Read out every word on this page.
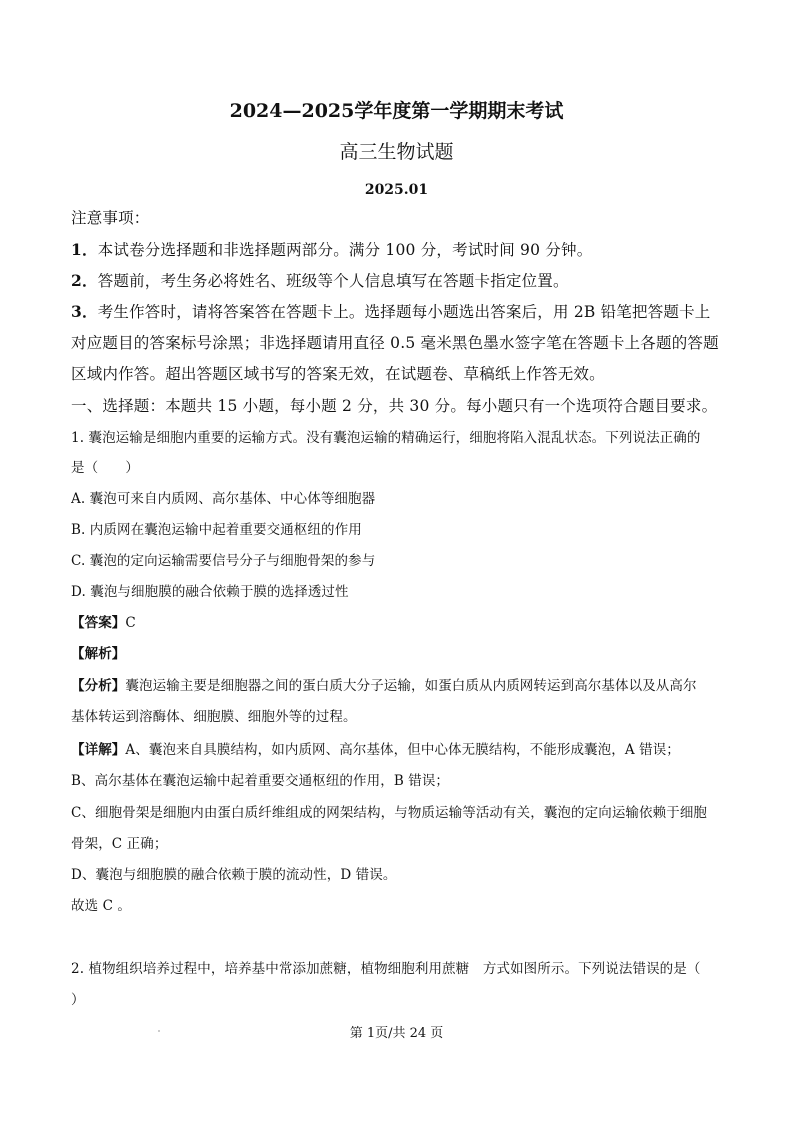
2024—2025学年度第一学期期末考试
高三生物试题
2025.01
注意事项：
1．本试卷分选择题和非选择题两部分。满分 100 分，考试时间 90 分钟。
2．答题前，考生务必将姓名、班级等个人信息填写在答题卡指定位置。
3．考生作答时，请将答案答在答题卡上。选择题每小题选出答案后，用 2B 铅笔把答题卡上
对应题目的答案标号涂黑；非选择题请用直径 0.5 毫米黑色墨水签字笔在答题卡上各题的答题
区域内作答。超出答题区域书写的答案无效，在试题卷、草稿纸上作答无效。
一、选择题：本题共 15 小题，每小题 2 分，共 30 分。每小题只有一个选项符合题目要求。
1. 囊泡运输是细胞内重要的运输方式。没有囊泡运输的精确运行，细胞将陷入混乱状态。下列说法正确的
是（　　）
A. 囊泡可来自内质网、高尔基体、中心体等细胞器
B. 内质网在囊泡运输中起着重要交通枢纽的作用
C. 囊泡的定向运输需要信号分子与细胞骨架的参与
D. 囊泡与细胞膜的融合依赖于膜的选择透过性
【答案】C
【解析】
【分析】囊泡运输主要是细胞器之间的蛋白质大分子运输，如蛋白质从内质网转运到高尔基体以及从高尔
基体转运到溶酶体、细胞膜、细胞外等的过程。
【详解】A、囊泡来自具膜结构，如内质网、高尔基体，但中心体无膜结构，不能形成囊泡，A 错误；
B、高尔基体在囊泡运输中起着重要交通枢纽的作用，B 错误；
C、细胞骨架是细胞内由蛋白质纤维组成的网架结构，与物质运输等活动有关，囊泡的定向运输依赖于细胞
骨架，C 正确；
D、囊泡与细胞膜的融合依赖于膜的流动性，D 错误。
故选 C 。
2. 植物组织培养过程中，培养基中常添加蔗糖，植物细胞利用蔗糖　方式如图所示。下列说法错误的是（
）
第 1页/共 24 页
